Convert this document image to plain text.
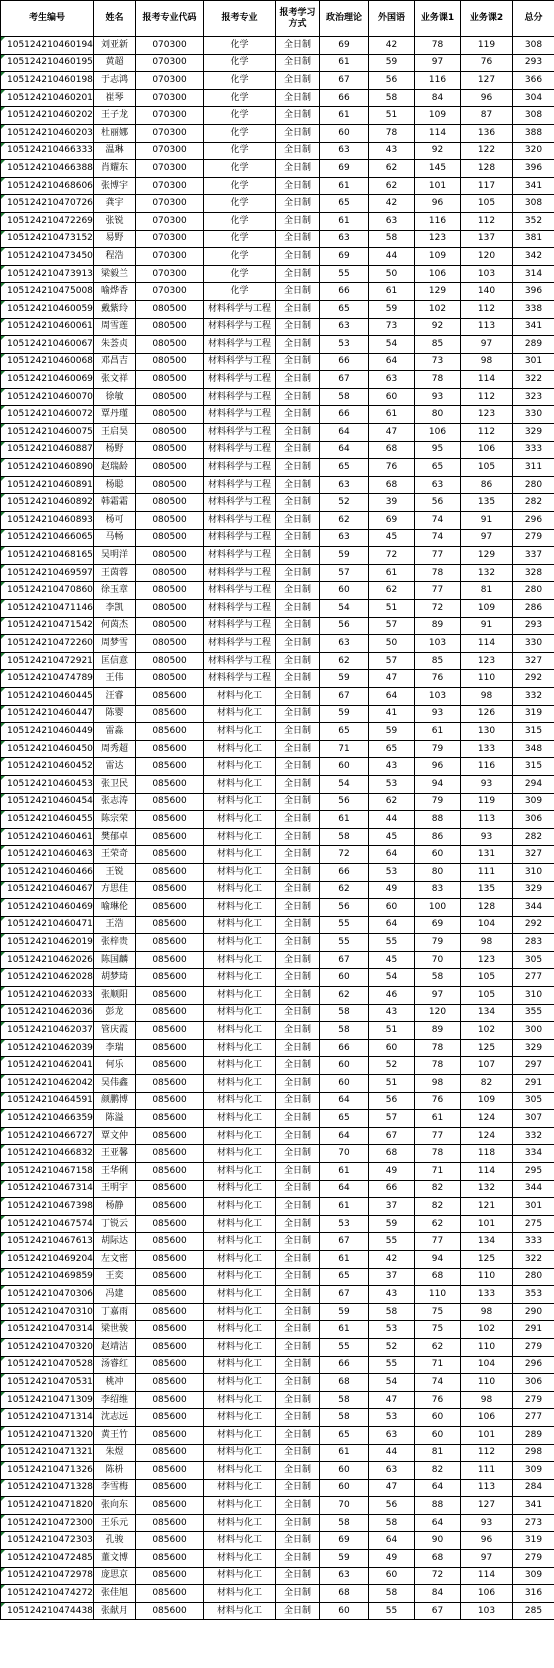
考生编号	姓名	报考专业代码	报考专业	报考学习方式	政治理论	外国语	业务课1	业务课2	总分
105124210460194	刘亚新	070300	化学	全日制	69	42	78	119	308
105124210460195	黄超	070300	化学	全日制	61	59	97	76	293
105124210460198	于志鸿	070300	化学	全日制	67	56	116	127	366
105124210460201	崔琴	070300	化学	全日制	66	58	84	96	304
105124210460202	王子龙	070300	化学	全日制	61	51	109	87	308
105124210460203	杜丽娜	070300	化学	全日制	60	78	114	136	388
105124210466333	温琳	070300	化学	全日制	63	43	92	122	320
105124210466388	肖耀东	070300	化学	全日制	69	62	145	128	396
105124210468606	张博宇	070300	化学	全日制	61	62	101	117	341
105124210470726	龚宇	070300	化学	全日制	65	42	96	105	308
105124210472269	张锐	070300	化学	全日制	61	63	116	112	352
105124210473152	易野	070300	化学	全日制	63	58	123	137	381
105124210473450	程浩	070300	化学	全日制	69	44	109	120	342
105124210473913	梁毅兰	070300	化学	全日制	55	50	106	103	314
105124210475008	喻烨香	070300	化学	全日制	66	61	129	140	396
105124210460059	戴紫玲	080500	材料科学与工程	全日制	65	59	102	112	338
105124210460061	周雪莲	080500	材料科学与工程	全日制	63	73	92	113	341
105124210460067	朱荟贞	080500	材料科学与工程	全日制	53	54	85	97	289
105124210460068	邓昌吉	080500	材料科学与工程	全日制	66	64	73	98	301
105124210460069	张文祥	080500	材料科学与工程	全日制	67	63	78	114	322
105124210460070	徐敏	080500	材料科学与工程	全日制	58	60	93	112	323
105124210460072	覃丹瑾	080500	材料科学与工程	全日制	66	61	80	123	330
105124210460075	王启昊	080500	材料科学与工程	全日制	64	47	106	112	329
105124210460887	杨野	080500	材料科学与工程	全日制	64	68	95	106	333
105124210460890	赵瑞龄	080500	材料科学与工程	全日制	65	76	65	105	311
105124210460891	杨聪	080500	材料科学与工程	全日制	63	68	63	86	280
105124210460892	韩霜霜	080500	材料科学与工程	全日制	52	39	56	135	282
105124210460893	杨可	080500	材料科学与工程	全日制	62	69	74	91	296
105124210466065	马畅	080500	材料科学与工程	全日制	63	45	74	97	279
105124210468165	吴明洋	080500	材料科学与工程	全日制	59	72	77	129	337
105124210469597	王茵蓉	080500	材料科学与工程	全日制	57	61	78	132	328
105124210470860	徐玉章	080500	材料科学与工程	全日制	60	62	77	81	280
105124210471146	李凯	080500	材料科学与工程	全日制	54	51	72	109	286
105124210471542	何茵杰	080500	材料科学与工程	全日制	56	57	89	91	293
105124210472260	周梦雪	080500	材料科学与工程	全日制	63	50	103	114	330
105124210472921	匡信意	080500	材料科学与工程	全日制	62	57	85	123	327
105124210474789	王伟	080500	材料科学与工程	全日制	59	47	76	110	292
105124210460445	汪睿	085600	材料与化工	全日制	67	64	103	98	332
105124210460447	陈婴	085600	材料与化工	全日制	59	41	93	126	319
105124210460449	雷淼	085600	材料与化工	全日制	65	59	61	130	315
105124210460450	周秀超	085600	材料与化工	全日制	71	65	79	133	348
105124210460452	雷达	085600	材料与化工	全日制	60	43	96	116	315
105124210460453	张卫民	085600	材料与化工	全日制	54	53	94	93	294
105124210460454	张志涛	085600	材料与化工	全日制	56	62	79	119	309
105124210460455	陈宗荣	085600	材料与化工	全日制	61	44	88	113	306
105124210460461	樊郁卓	085600	材料与化工	全日制	58	45	86	93	282
105124210460463	王荣奇	085600	材料与化工	全日制	72	64	60	131	327
105124210460466	王锐	085600	材料与化工	全日制	66	53	80	111	310
105124210460467	方思佳	085600	材料与化工	全日制	62	49	83	135	329
105124210460469	喻琳伦	085600	材料与化工	全日制	56	60	100	128	344
105124210460471	王浩	085600	材料与化工	全日制	55	64	69	104	292
105124210462019	张梓贵	085600	材料与化工	全日制	55	55	79	98	283
105124210462026	陈国麟	085600	材料与化工	全日制	67	45	70	123	305
105124210462028	胡梦琦	085600	材料与化工	全日制	60	54	58	105	277
105124210462033	张顺阳	085600	材料与化工	全日制	62	46	97	105	310
105124210462036	彭龙	085600	材料与化工	全日制	58	43	120	134	355
105124210462037	管庆霞	085600	材料与化工	全日制	58	51	89	102	300
105124210462039	李瑞	085600	材料与化工	全日制	66	60	78	125	329
105124210462041	何乐	085600	材料与化工	全日制	60	52	78	107	297
105124210462042	吴伟鑫	085600	材料与化工	全日制	60	51	98	82	291
105124210464591	颜鹏博	085600	材料与化工	全日制	64	56	76	109	305
105124210466359	陈溢	085600	材料与化工	全日制	65	57	61	124	307
105124210466727	覃文仲	085600	材料与化工	全日制	64	67	77	124	332
105124210466832	王亚馨	085600	材料与化工	全日制	70	68	78	118	334
105124210467158	王华俐	085600	材料与化工	全日制	61	49	71	114	295
105124210467314	王明宇	085600	材料与化工	全日制	64	66	82	132	344
105124210467398	杨静	085600	材料与化工	全日制	61	37	82	121	301
105124210467574	丁锐云	085600	材料与化工	全日制	53	59	62	101	275
105124210467613	胡际达	085600	材料与化工	全日制	67	55	77	134	333
105124210469204	左文密	085600	材料与化工	全日制	61	42	94	125	322
105124210469859	王奕	085600	材料与化工	全日制	65	37	68	110	280
105124210470306	冯建	085600	材料与化工	全日制	67	43	110	133	353
105124210470310	丁嘉雨	085600	材料与化工	全日制	59	58	75	98	290
105124210470314	梁世骏	085600	材料与化工	全日制	61	53	75	102	291
105124210470320	赵靖洁	085600	材料与化工	全日制	55	52	62	110	279
105124210470528	汤睿红	085600	材料与化工	全日制	66	55	71	104	296
105124210470531	桃冲	085600	材料与化工	全日制	68	54	74	110	306
105124210471309	李绍维	085600	材料与化工	全日制	58	47	76	98	279
105124210471314	沈志远	085600	材料与化工	全日制	58	53	60	106	277
105124210471320	黄王竹	085600	材料与化工	全日制	65	63	60	101	289
105124210471321	朱煜	085600	材料与化工	全日制	61	44	81	112	298
105124210471326	陈枡	085600	材料与化工	全日制	60	63	82	111	309
105124210471328	李雪梅	085600	材料与化工	全日制	60	47	64	113	284
105124210471820	张向东	085600	材料与化工	全日制	70	56	88	127	341
105124210472300	王乐元	085600	材料与化工	全日制	58	58	64	93	273
105124210472303	孔骏	085600	材料与化工	全日制	69	64	90	96	319
105124210472485	董文博	085600	材料与化工	全日制	59	49	68	97	279
105124210472978	庞思京	085600	材料与化工	全日制	63	60	72	114	309
105124210474272	张佳旭	085600	材料与化工	全日制	68	58	84	106	316
105124210474438	张献月	085600	材料与化工	全日制	60	55	67	103	285
